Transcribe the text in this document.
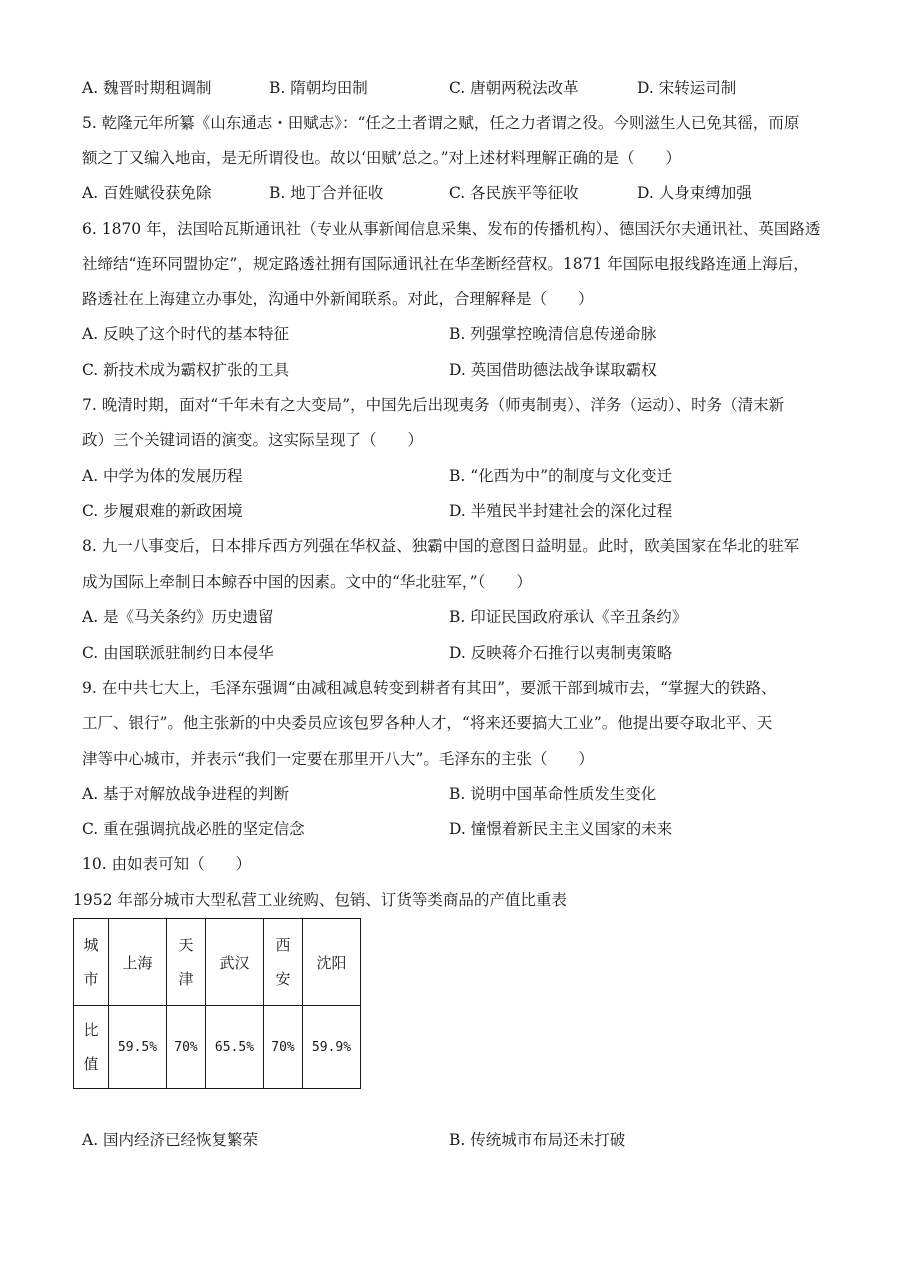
A. 魏晋时期租调制	B. 隋朝均田制	C. 唐朝两税法改革	D. 宋转运司制
5. 乾隆元年所纂《山东通志・田赋志》：“任之土者谓之赋，任之力者谓之役。今则滋生人已免其徭，而原
额之丁又编入地亩，是无所谓役也。故以‘田赋’总之。”对上述材料理解正确的是（　　）
A. 百姓赋役获免除	B. 地丁合并征收	C. 各民族平等征收	D. 人身束缚加强
6. 1870 年，法国哈瓦斯通讯社（专业从事新闻信息采集、发布的传播机构）、德国沃尔夫通讯社、英国路透
社缔结“连环同盟协定”，规定路透社拥有国际通讯社在华垄断经营权。1871 年国际电报线路连通上海后，
路透社在上海建立办事处，沟通中外新闻联系。对此，合理解释是（　　）
A. 反映了这个时代的基本特征	B. 列强掌控晚清信息传递命脉
C. 新技术成为霸权扩张的工具	D. 英国借助德法战争谋取霸权
7. 晚清时期，面对“千年未有之大变局”，中国先后出现夷务（师夷制夷）、洋务（运动）、时务（清末新
政）三个关键词语的演变。这实际呈现了（　　）
A. 中学为体的发展历程	B. “化西为中”的制度与文化变迁
C. 步履艰难的新政困境	D. 半殖民半封建社会的深化过程
8. 九一八事变后，日本排斥西方列强在华权益、独霸中国的意图日益明显。此时，欧美国家在华北的驻军
成为国际上牵制日本鲸吞中国的因素。文中的“华北驻军，”（　　）
A. 是《马关条约》历史遗留	B. 印证民国政府承认《辛丑条约》
C. 由国联派驻制约日本侵华	D. 反映蒋介石推行以夷制夷策略
9. 在中共七大上，毛泽东强调“由减租减息转变到耕者有其田”，要派干部到城市去，“掌握大的铁路、
工厂、银行”。他主张新的中央委员应该包罗各种人才，“将来还要搞大工业”。他提出要夺取北平、天
津等中心城市，并表示“我们一定要在那里开八大”。毛泽东的主张（　　）
A. 基于对解放战争进程的判断	B. 说明中国革命性质发生变化
C. 重在强调抗战必胜的坚定信念	D. 憧憬着新民主主义国家的未来
10. 由如表可知（　　）
1952 年部分城市大型私营工业统购、包销、订货等类商品的产值比重表
城市	上海	天津	武汉	西安	沈阳
比值	59.5%	70%	65.5%	70%	59.9%
A. 国内经济已经恢复繁荣	B. 传统城市布局还未打破
